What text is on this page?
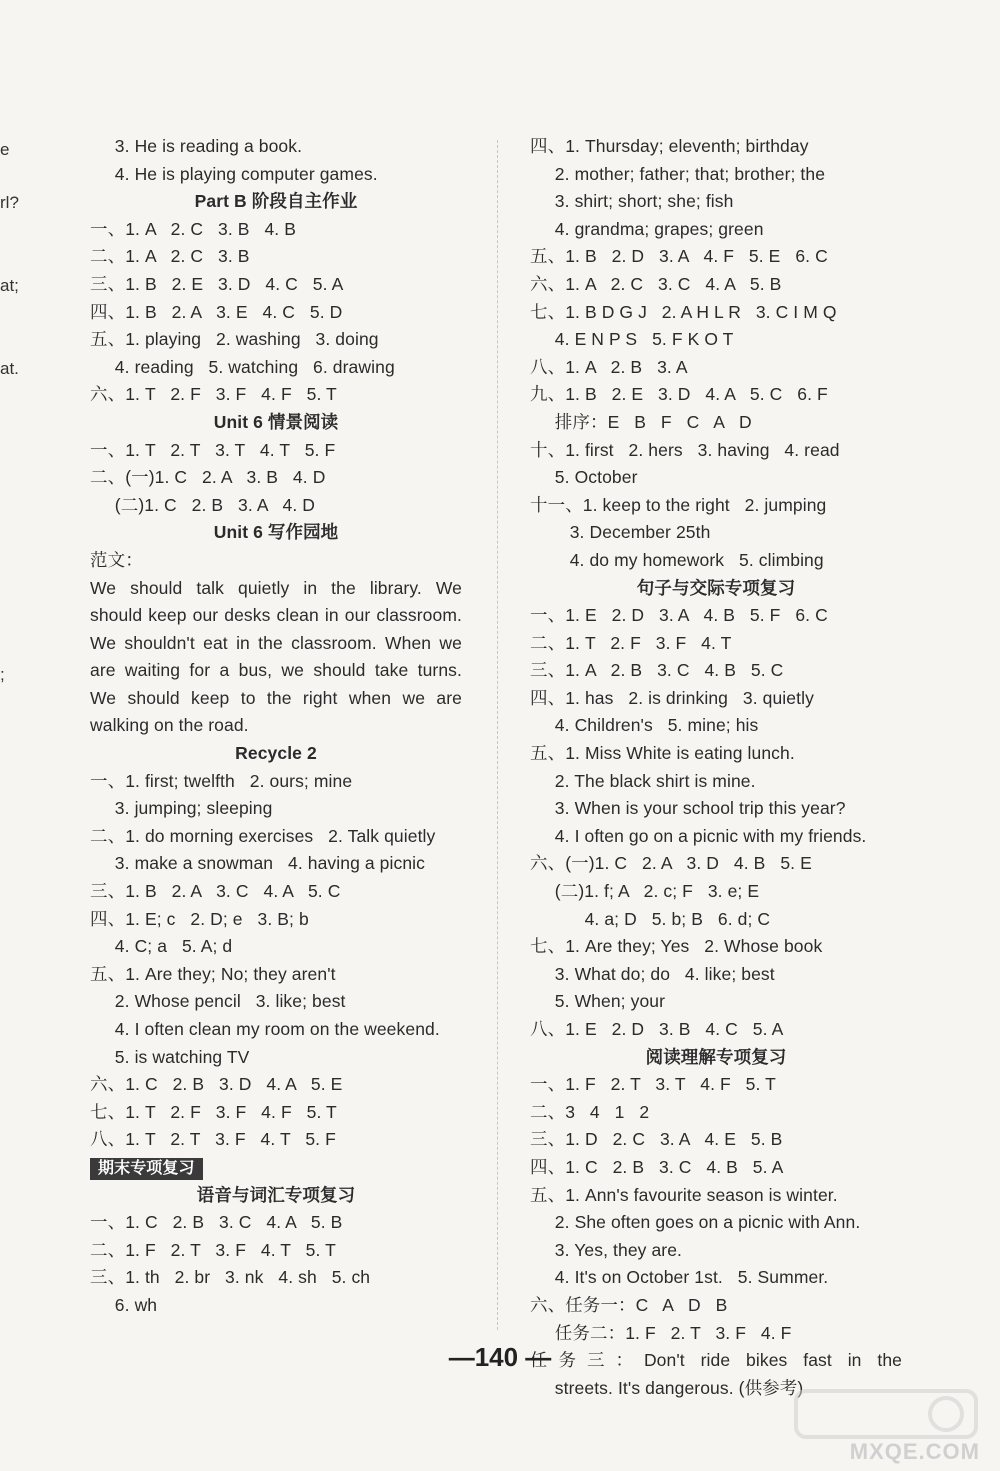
e
rl?
at;
at.
;
3. He is reading a book.
4. He is playing computer games.
Part B 阶段自主作业
一、1. A   2. C   3. B   4. B
二、1. A   2. C   3. B
三、1. B   2. E   3. D   4. C   5. A
四、1. B   2. A   3. E   4. C   5. D
五、1. playing   2. washing   3. doing
4. reading   5. watching   6. drawing
六、1. T   2. F   3. F   4. F   5. T
Unit 6 情景阅读
一、1. T   2. T   3. T   4. T   5. F
二、(一)1. C   2. A   3. B   4. D
(二)1. C   2. B   3. A   4. D
Unit 6 写作园地
范文：
We should talk quietly in the library. We
should keep our desks clean in our classroom.
We shouldn't eat in the classroom. When we
are waiting for a bus, we should take turns.
We should keep to the right when we are
walking on the road.
Recycle 2
一、1. first; twelfth   2. ours; mine
3. jumping; sleeping
二、1. do morning exercises   2. Talk quietly
3. make a snowman   4. having a picnic
三、1. B   2. A   3. C   4. A   5. C
四、1. E; c   2. D; e   3. B; b
4. C; a   5. A; d
五、1. Are they; No; they aren't
2. Whose pencil   3. like; best
4. I often clean my room on the weekend.
5. is watching TV
六、1. C   2. B   3. D   4. A   5. E
七、1. T   2. F   3. F   4. F   5. T
八、1. T   2. T   3. F   4. T   5. F
期末专项复习
语音与词汇专项复习
一、1. C   2. B   3. C   4. A   5. B
二、1. F   2. T   3. F   4. T   5. T
三、1. th   2. br   3. nk   4. sh   5. ch
6. wh
四、1. Thursday; eleventh; birthday
2. mother; father; that; brother; the
3. shirt; short; she; fish
4. grandma; grapes; green
五、1. B   2. D   3. A   4. F   5. E   6. C
六、1. A   2. C   3. C   4. A   5. B
七、1. B D G J   2. A H L R   3. C I M Q
4. E N P S   5. F K O T
八、1. A   2. B   3. A
九、1. B   2. E   3. D   4. A   5. C   6. F
排序：E   B   F   C   A   D
十、1. first   2. hers   3. having   4. read
5. October
十一、1. keep to the right   2. jumping
3. December 25th
4. do my homework   5. climbing
句子与交际专项复习
一、1. E   2. D   3. A   4. B   5. F   6. C
二、1. T   2. F   3. F   4. T
三、1. A   2. B   3. C   4. B   5. C
四、1. has   2. is drinking   3. quietly
4. Children's   5. mine; his
五、1. Miss White is eating lunch.
2. The black shirt is mine.
3. When is your school trip this year?
4. I often go on a picnic with my friends.
六、(一)1. C   2. A   3. D   4. B   5. E
(二)1. f; A   2. c; F   3. e; E
4. a; D   5. b; B   6. d; C
七、1. Are they; Yes   2. Whose book
3. What do; do   4. like; best
5. When; your
八、1. E   2. D   3. B   4. C   5. A
阅读理解专项复习
一、1. F   2. T   3. T   4. F   5. T
二、3   4   1   2
三、1. D   2. C   3. A   4. E   5. B
四、1. C   2. B   3. C   4. B   5. A
五、1. Ann's favourite season is winter.
2. She often goes on a picnic with Ann.
3. Yes, they are.
4. It's on October 1st.   5. Summer.
六、任务一：C   A   D   B
任务二：1. F   2. T   3. F   4. F
任务三：Don't ride bikes fast in the
streets. It's dangerous. (供参考)
—140 —
MXQE.COM
